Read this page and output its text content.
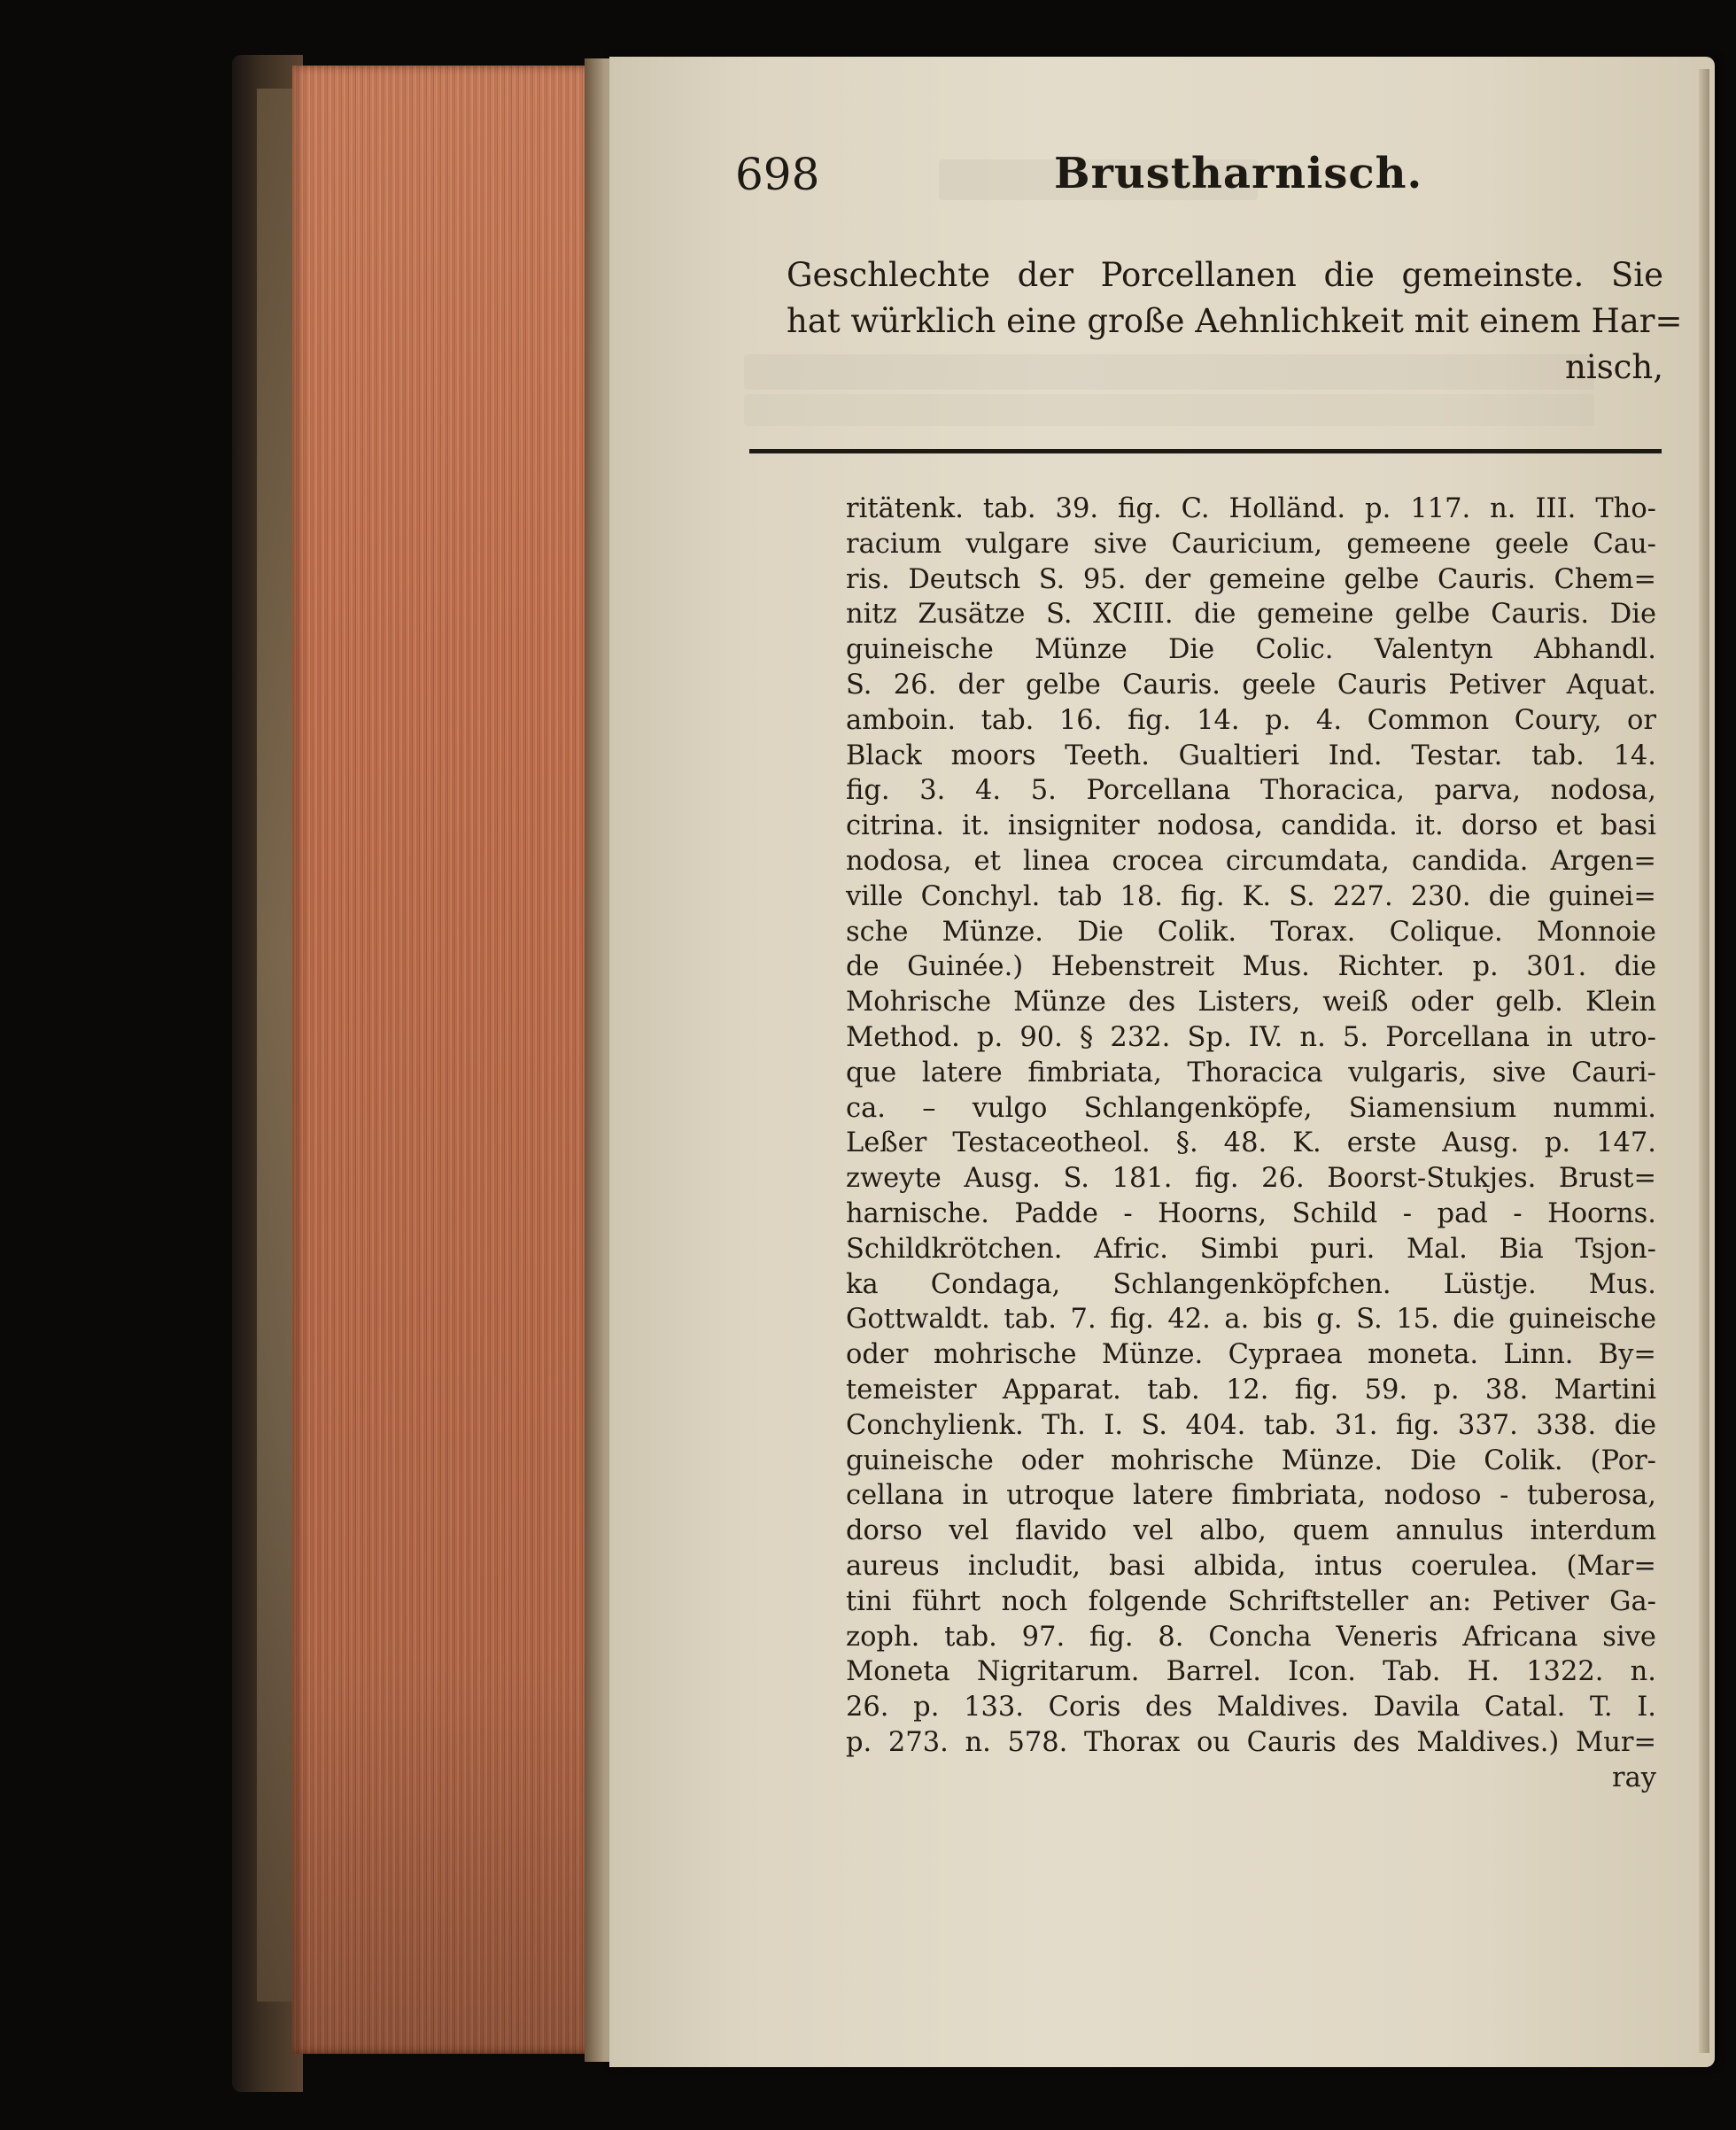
698	Brustharnisch.
Geschlechte der Porcellanen die gemeinste. Sie
hat würklich eine große Aehnlichkeit mit einem Har=
nisch,
ritätenk. tab. 39. fig. C. Holländ. p. 117. n. III. Tho-
racium vulgare sive Cauricium, gemeene geele Cau-
ris. Deutsch S. 95. der gemeine gelbe Cauris. Chem=
nitz Zusätze S. XCIII. die gemeine gelbe Cauris. Die
guineische Münze Die Colic. Valentyn Abhandl.
S. 26. der gelbe Cauris. geele Cauris Petiver Aquat.
amboin. tab. 16. fig. 14. p. 4. Common Coury, or
Black moors Teeth. Gualtieri Ind. Testar. tab. 14.
fig. 3. 4. 5. Porcellana Thoracica, parva, nodosa,
citrina. it. insigniter nodosa, candida. it. dorso et basi
nodosa, et linea crocea circumdata, candida. Argen=
ville Conchyl. tab 18. fig. K. S. 227. 230. die guinei=
sche Münze. Die Colik. Torax. Colique. Monnoie
de Guinée.) Hebenstreit Mus. Richter. p. 301. die
Mohrische Münze des Listers, weiß oder gelb. Klein
Method. p. 90. § 232. Sp. IV. n. 5. Porcellana in utro-
que latere fimbriata, Thoracica vulgaris, sive Cauri-
ca. – vulgo Schlangenköpfe, Siamensium nummi.
Leßer Testaceotheol. §. 48. K. erste Ausg. p. 147.
zweyte Ausg. S. 181. fig. 26. Boorst-Stukjes. Brust=
harnische. Padde - Hoorns, Schild - pad - Hoorns.
Schildkrötchen. Afric. Simbi puri. Mal. Bia Tsjon-
ka Condaga, Schlangenköpfchen. Lüstje. Mus.
Gottwaldt. tab. 7. fig. 42. a. bis g. S. 15. die guineische
oder mohrische Münze. Cypraea moneta. Linn. By=
temeister Apparat. tab. 12. fig. 59. p. 38. Martini
Conchylienk. Th. I. S. 404. tab. 31. fig. 337. 338. die
guineische oder mohrische Münze. Die Colik. (Por-
cellana in utroque latere fimbriata, nodoso - tuberosa,
dorso vel flavido vel albo, quem annulus interdum
aureus includit, basi albida, intus coerulea. (Mar=
tini führt noch folgende Schriftsteller an: Petiver Ga-
zoph. tab. 97. fig. 8. Concha Veneris Africana sive
Moneta Nigritarum. Barrel. Icon. Tab. H. 1322. n.
26. p. 133. Coris des Maldives. Davila Catal. T. I.
p. 273. n. 578. Thorax ou Cauris des Maldives.) Mur=
ray
